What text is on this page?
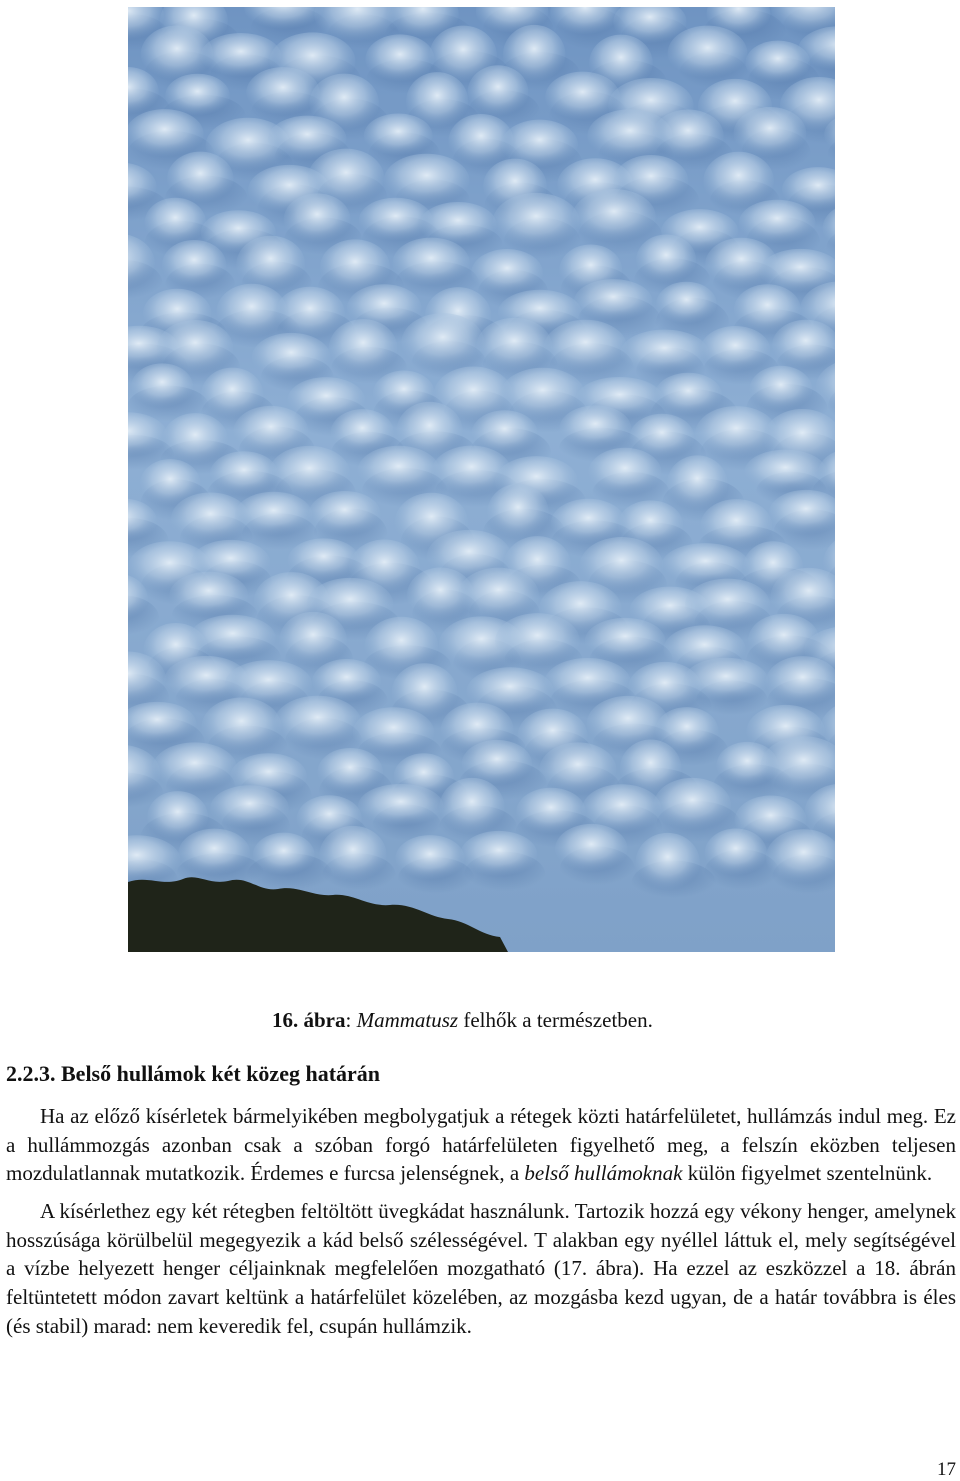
16. ábra: Mammatusz felhők a természetben.
2.2.3. Belső hullámok két közeg határán
Ha az előző kísérletek bármelyikében megbolygatjuk a rétegek közti határfelületet, hullámzás indul meg. Ez a hullámmozgás azonban csak a szóban forgó határfelületen figyelhető meg, a felszín eközben teljesen mozdulatlannak mutatkozik. Érdemes e furcsa jelenségnek, a belső hullámoknak külön figyelmet szentelnünk.
A kísérlethez egy két rétegben feltöltött üvegkádat használunk. Tartozik hozzá egy vékony henger, amelynek hosszúsága körülbelül megegyezik a kád belső szélességével. T alakban egy nyéllel láttuk el, mely segítségével a vízbe helyezett henger céljainknak megfelelően mozgatható (17. ábra). Ha ezzel az eszközzel a 18. ábrán feltüntetett módon zavart keltünk a határfelület közelében, az mozgásba kezd ugyan, de a határ továbbra is éles (és stabil) marad: nem keveredik fel, csupán hullámzik.
17
